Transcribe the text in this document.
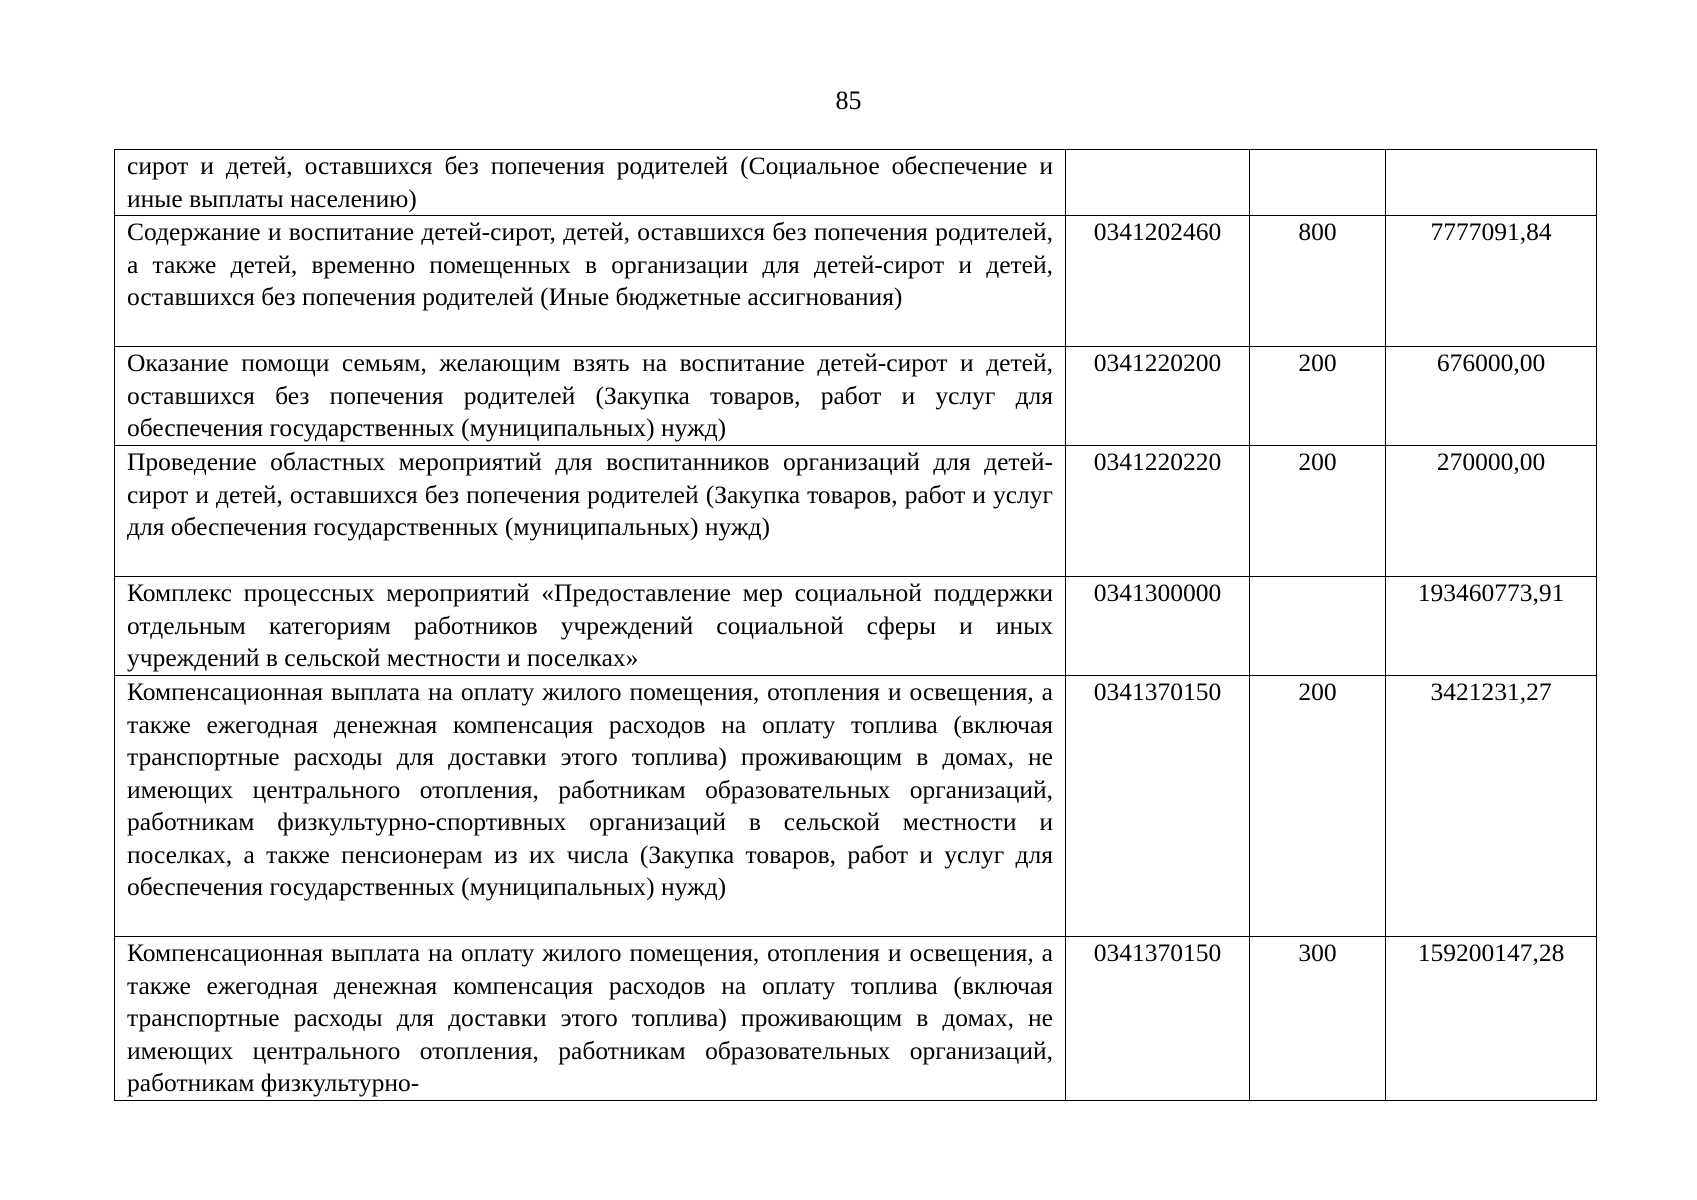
85
сирот и детей, оставшихся без попечения родителей (Социальное обеспечение и иные выплаты населению)			
Содержание и воспитание детей-сирот, детей, оставшихся без попечения родителей, а также детей, временно помещенных в организации для детей-сирот и детей, оставшихся без попечения родителей (Иные бюджетные ассигнования)	0341202460	800	7777091,84
Оказание помощи семьям, желающим взять на воспитание детей-сирот и детей, оставшихся без попечения родителей (Закупка товаров, работ и услуг для обеспечения государственных (муниципальных) нужд)	0341220200	200	676000,00
Проведение областных мероприятий для воспитанников организаций для детей-сирот и детей, оставшихся без попечения родителей (Закупка товаров, работ и услуг для обеспечения государственных (муниципальных) нужд)	0341220220	200	270000,00
Комплекс процессных мероприятий «Предоставление мер социальной поддержки отдельным категориям работников учреждений социальной сферы и иных учреждений в сельской местности и поселках»	0341300000		193460773,91
Компенсационная выплата на оплату жилого помещения, отопления и освещения, а также ежегодная денежная компенсация расходов на оплату топлива (включая транспортные расходы для доставки этого топлива) проживающим в домах, не имеющих центрального отопления, работникам образовательных организаций, работникам физкультурно-спортивных организаций в сельской местности и поселках, а также пенсионерам из их числа (Закупка товаров, работ и услуг для обеспечения государственных (муниципальных) нужд)	0341370150	200	3421231,27
Компенсационная выплата на оплату жилого помещения, отопления и освещения, а также ежегодная денежная компенсация расходов на оплату топлива (включая транспортные расходы для доставки этого топлива) проживающим в домах, не имеющих центрального отопления, работникам образовательных организаций, работникам физкультурно-	0341370150	300	159200147,28
